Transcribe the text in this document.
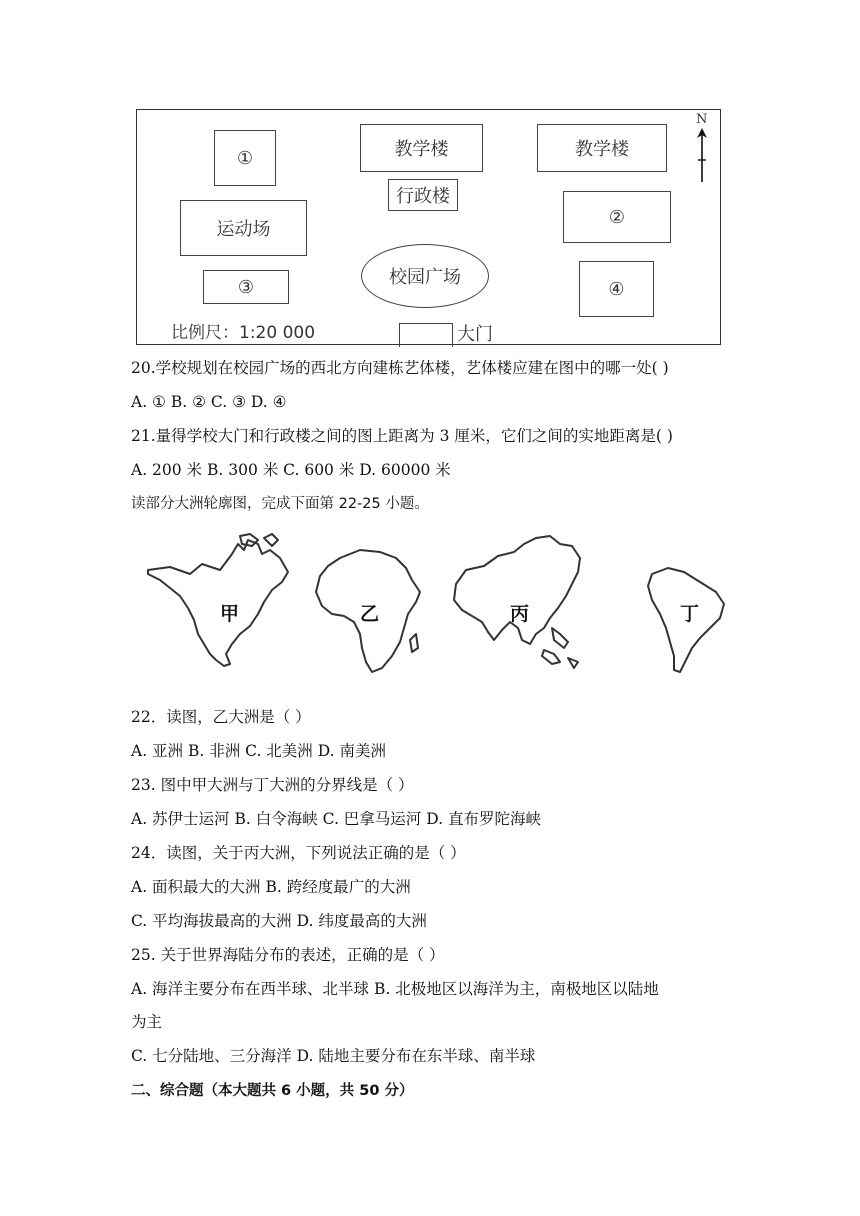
①	教学楼	教学楼
行政楼
运动场
②
校园广场
③	④
比例尺：1:20 000	大门
N
20.学校规划在校园广场的西北方向建栋艺体楼，艺体楼应建在图中的哪一处( )
A. ① B. ② C. ③ D. ④
21.量得学校大门和行政楼之间的图上距离为 3 厘米，它们之间的实地距离是( )
A. 200 米 B. 300 米 C. 600 米 D. 60000 米
读部分大洲轮廓图，完成下面第 22-25 小题。
甲	乙	丙	丁
22．读图，乙大洲是（ ）
A. 亚洲 B. 非洲 C. 北美洲 D. 南美洲
23. 图中甲大洲与丁大洲的分界线是（ ）
A. 苏伊士运河 B. 白令海峡 C. 巴拿马运河 D. 直布罗陀海峡
24．读图，关于丙大洲，下列说法正确的是（ ）
A. 面积最大的大洲 B. 跨经度最广的大洲
C. 平均海拔最高的大洲 D. 纬度最高的大洲
25. 关于世界海陆分布的表述，正确的是（ ）
A. 海洋主要分布在西半球、北半球 B. 北极地区以海洋为主，南极地区以陆地
为主
C. 七分陆地、三分海洋 D. 陆地主要分布在东半球、南半球
二、综合题（本大题共 6 小题，共 50 分）
